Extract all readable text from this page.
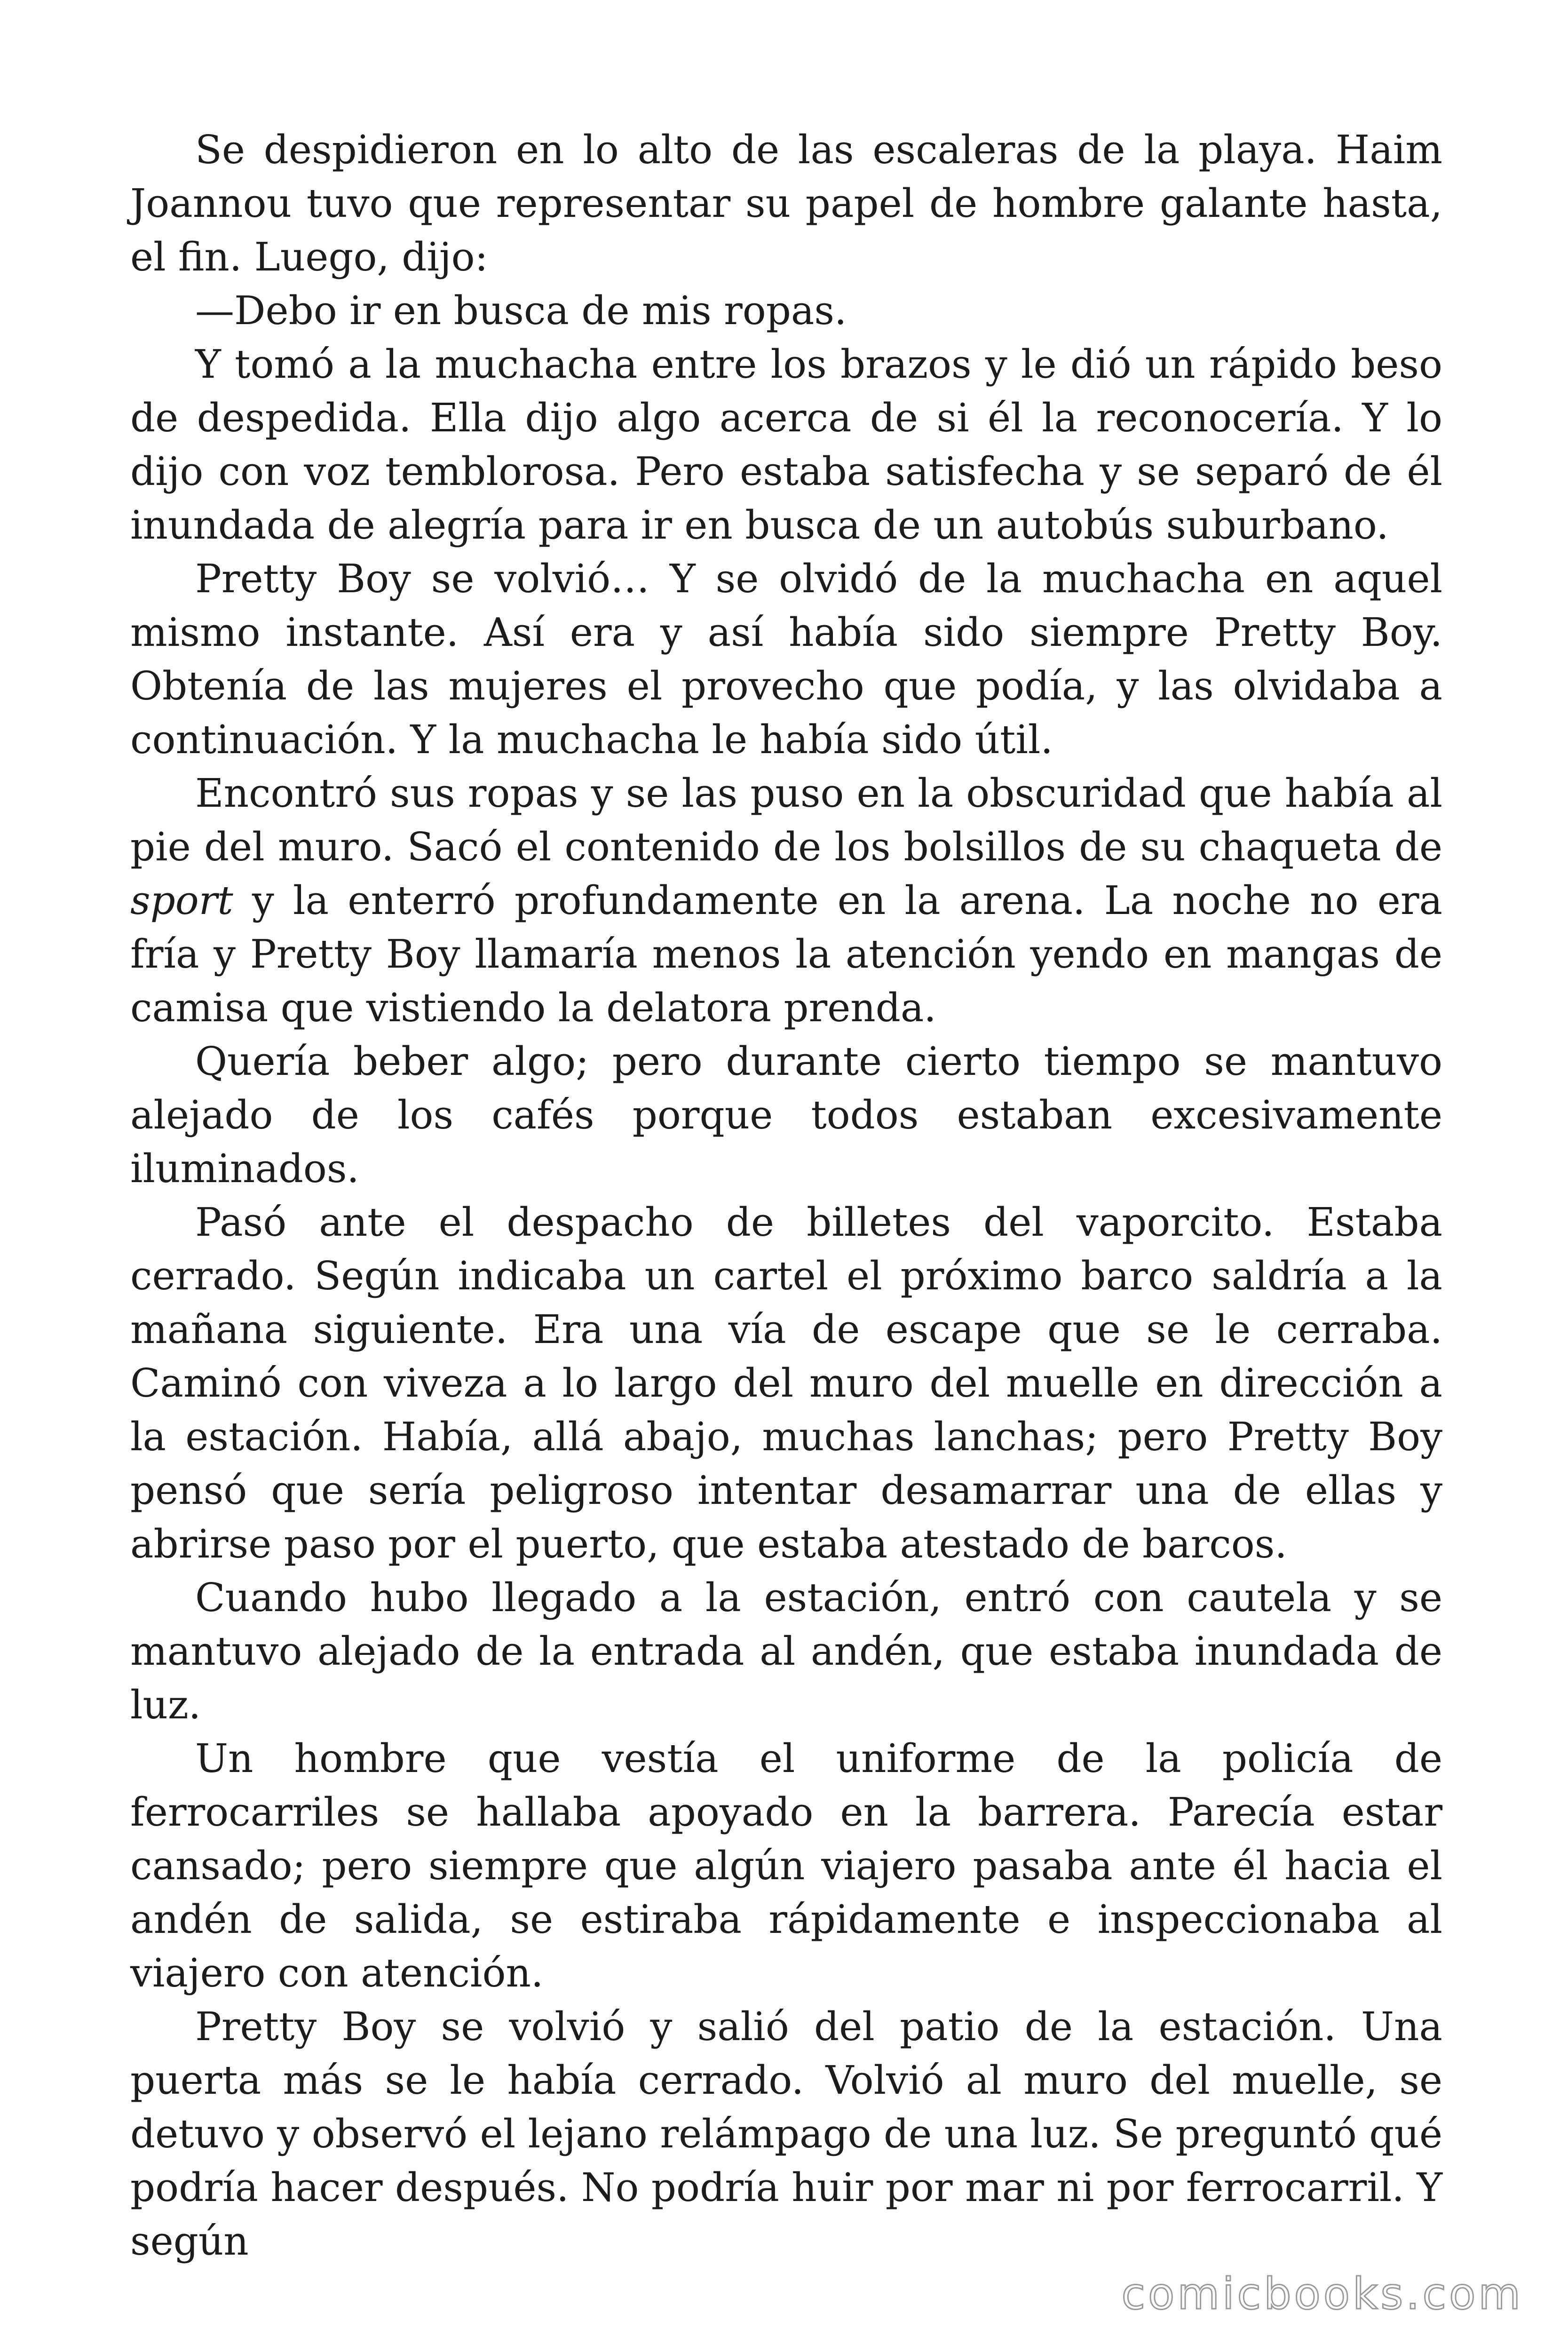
Se despidieron en lo alto de las escaleras de la playa. Haim Joannou tuvo que representar su papel de hombre galante hasta, el fin. Luego, dijo:

—Debo ir en busca de mis ropas.

Y tomó a la muchacha entre los brazos y le dió un rápido beso de despedida. Ella dijo algo acerca de si él la reconocería. Y lo dijo con voz temblorosa. Pero estaba satisfecha y se separó de él inundada de alegría para ir en busca de un autobús suburbano.

Pretty Boy se volvió… Y se olvidó de la muchacha en aquel mismo instante. Así era y así había sido siempre Pretty Boy. Obtenía de las mujeres el provecho que podía, y las olvidaba a continuación. Y la muchacha le había sido útil.

Encontró sus ropas y se las puso en la obscuridad que había al pie del muro. Sacó el contenido de los bolsillos de su chaqueta de sport y la enterró profundamente en la arena. La noche no era fría y Pretty Boy llamaría menos la atención yendo en mangas de camisa que vistiendo la delatora prenda.

Quería beber algo; pero durante cierto tiempo se mantuvo alejado de los cafés porque todos estaban excesivamente iluminados.

Pasó ante el despacho de billetes del vaporcito. Estaba cerrado. Según indicaba un cartel el próximo barco saldría a la mañana siguiente. Era una vía de escape que se le cerraba. Caminó con viveza a lo largo del muro del muelle en dirección a la estación. Había, allá abajo, muchas lanchas; pero Pretty Boy pensó que sería peligroso intentar desamarrar una de ellas y abrirse paso por el puerto, que estaba atestado de barcos.

Cuando hubo llegado a la estación, entró con cautela y se mantuvo alejado de la entrada al andén, que estaba inundada de luz.

Un hombre que vestía el uniforme de la policía de ferrocarriles se hallaba apoyado en la barrera. Parecía estar cansado; pero siempre que algún viajero pasaba ante él hacia el andén de salida, se estiraba rápidamente e inspeccionaba al viajero con atención.

Pretty Boy se volvió y salió del patio de la estación. Una puerta más se le había cerrado. Volvió al muro del muelle, se detuvo y observó el lejano relámpago de una luz. Se preguntó qué podría hacer después. No podría huir por mar ni por ferrocarril. Y según

comicbooks.com
